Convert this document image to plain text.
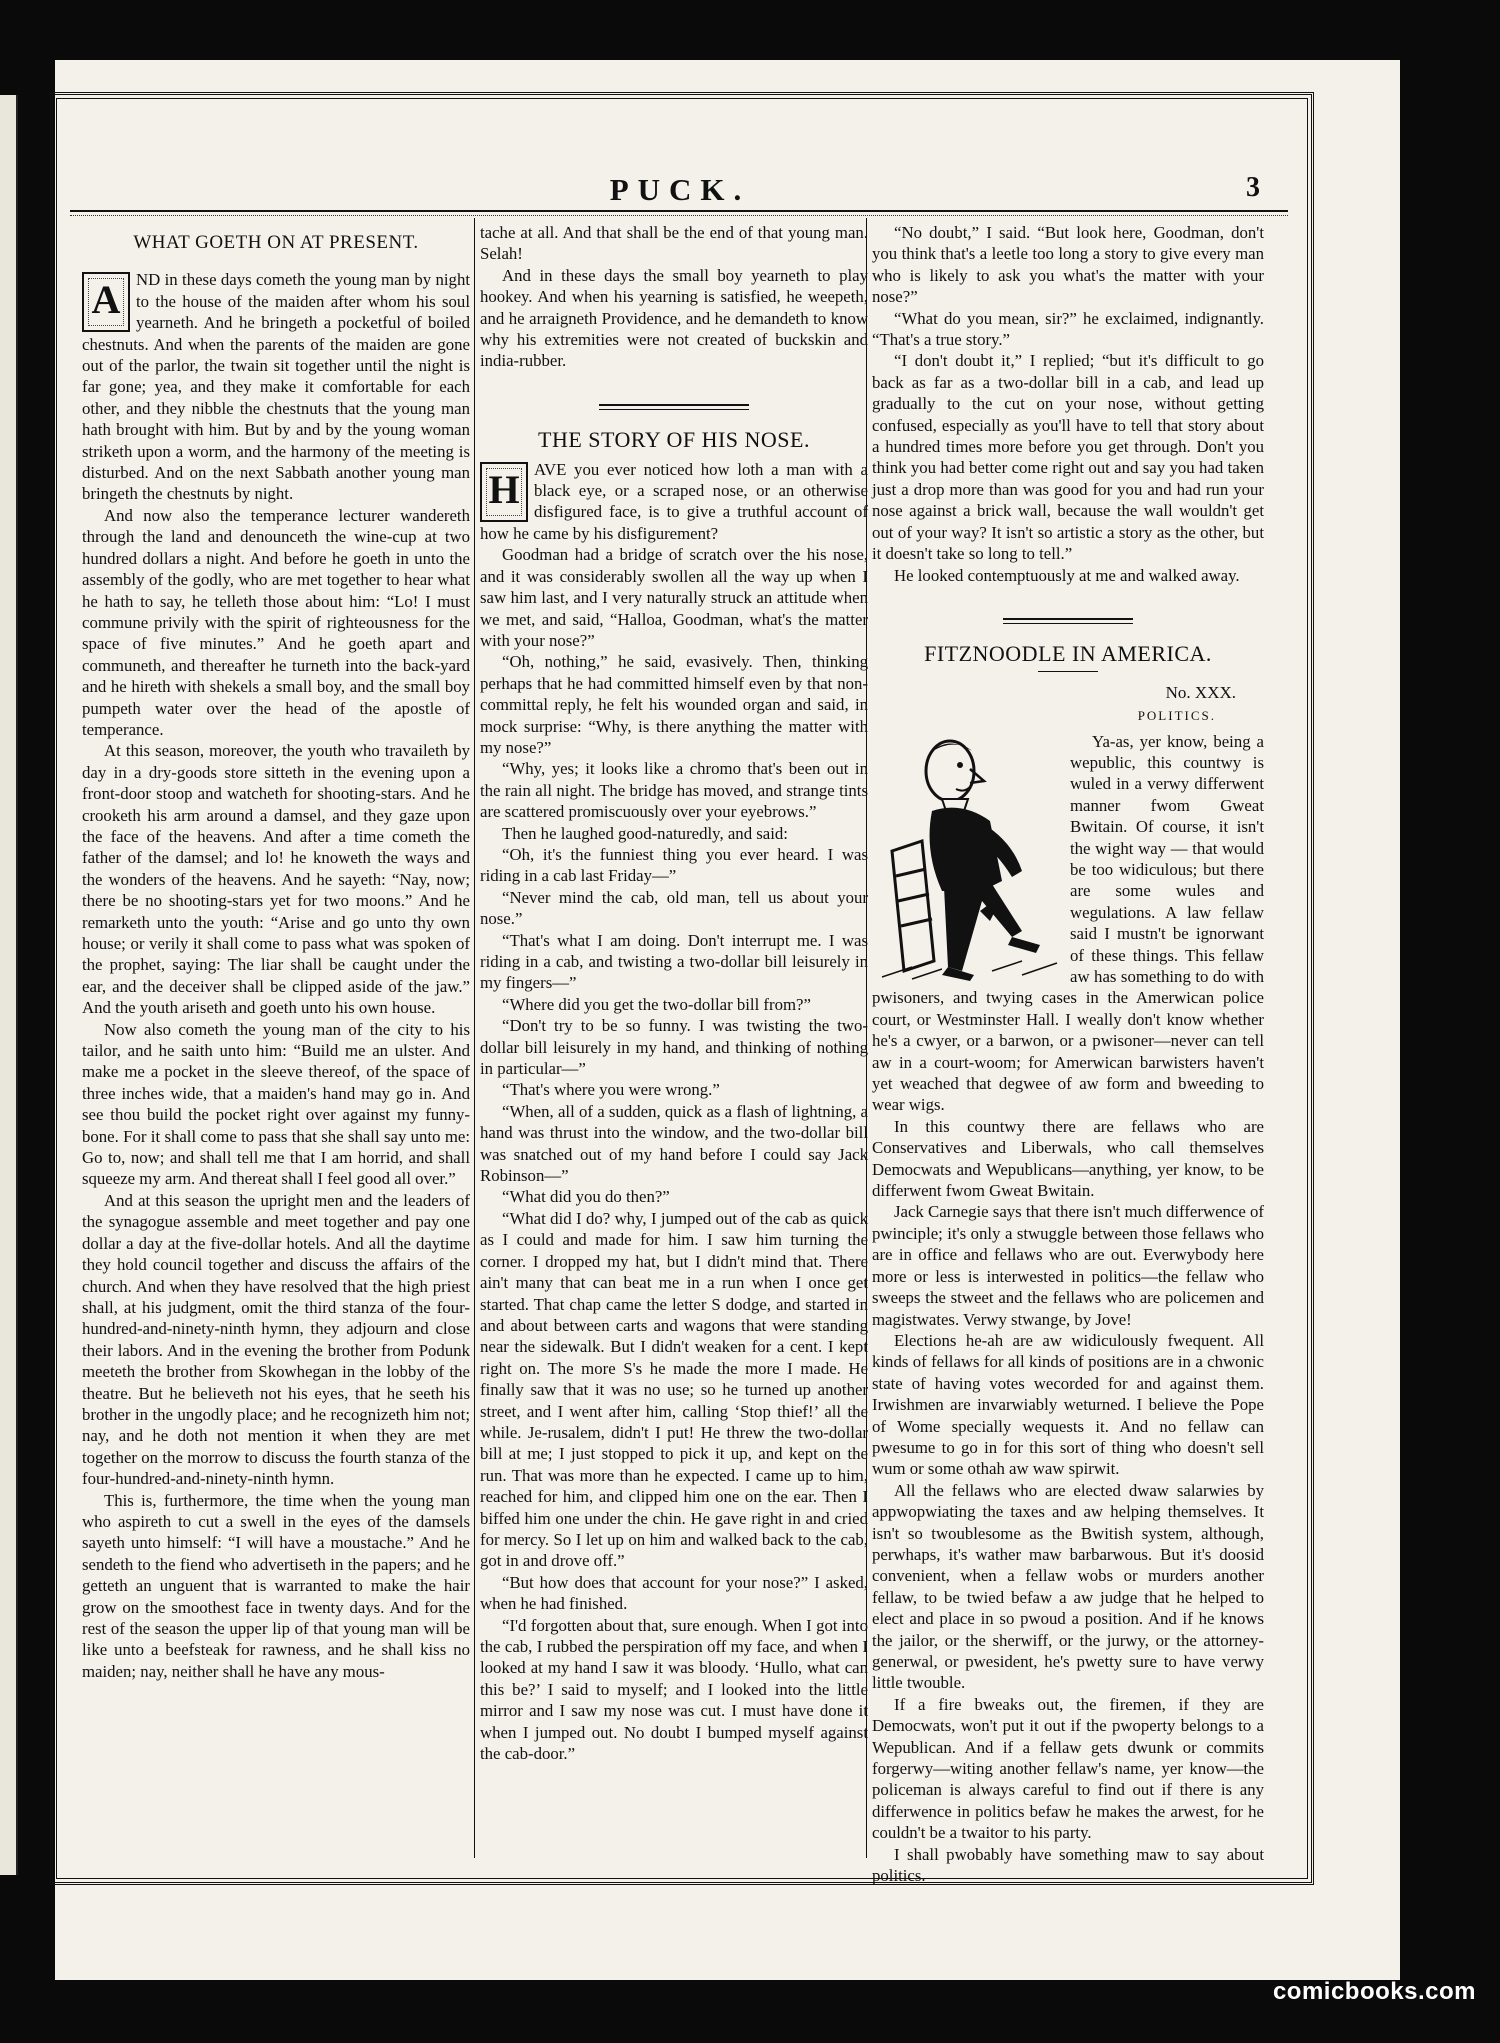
PUCK.	3
WHAT GOETH ON AT PRESENT.

A ND in these days cometh the young man by night to the house of the maiden after whom his soul yearneth. And he bringeth a pocketful of boiled chestnuts. And when the parents of the maiden are gone out of the parlor, the twain sit together until the night is far gone; yea, and they make it comfortable for each other, and they nibble the chestnuts that the young man hath brought with him. But by and by the young woman striketh upon a worm, and the harmony of the meeting is disturbed. And on the next Sabbath another young man bringeth the chestnuts by night.

And now also the temperance lecturer wandereth through the land and denounceth the wine-cup at two hundred dollars a night. And before he goeth in unto the assembly of the godly, who are met together to hear what he hath to say, he telleth those about him: “Lo! I must commune privily with the spirit of righteousness for the space of five minutes.” And he goeth apart and communeth, and thereafter he turneth into the back-yard and he hireth with shekels a small boy, and the small boy pumpeth water over the head of the apostle of temperance.

At this season, moreover, the youth who travaileth by day in a dry-goods store sitteth in the evening upon a front-door stoop and watcheth for shooting-stars. And he crooketh his arm around a damsel, and they gaze upon the face of the heavens. And after a time cometh the father of the damsel; and lo! he knoweth the ways and the wonders of the heavens. And he sayeth: “Nay, now; there be no shooting-stars yet for two moons.” And he remarketh unto the youth: “Arise and go unto thy own house; or verily it shall come to pass what was spoken of the prophet, saying: The liar shall be caught under the ear, and the deceiver shall be clipped aside of the jaw.” And the youth ariseth and goeth unto his own house.

Now also cometh the young man of the city to his tailor, and he saith unto him: “Build me an ulster. And make me a pocket in the sleeve thereof, of the space of three inches wide, that a maiden's hand may go in. And see thou build the pocket right over against my funny-bone. For it shall come to pass that she shall say unto me: Go to, now; and shall tell me that I am horrid, and shall squeeze my arm. And thereat shall I feel good all over.”

And at this season the upright men and the leaders of the synagogue assemble and meet together and pay one dollar a day at the five-dollar hotels. And all the daytime they hold council together and discuss the affairs of the church. And when they have resolved that the high priest shall, at his judgment, omit the third stanza of the four-hundred-and-ninety-ninth hymn, they adjourn and close their labors. And in the evening the brother from Podunk meeteth the brother from Skowhegan in the lobby of the theatre. But he believeth not his eyes, that he seeth his brother in the ungodly place; and he recognizeth him not; nay, and he doth not mention it when they are met together on the morrow to discuss the fourth stanza of the four-hundred-and-ninety-ninth hymn.

This is, furthermore, the time when the young man who aspireth to cut a swell in the eyes of the damsels sayeth unto himself: “I will have a moustache.” And he sendeth to the fiend who advertiseth in the papers; and he getteth an unguent that is warranted to make the hair grow on the smoothest face in twenty days. And for the rest of the season the upper lip of that young man will be like unto a beefsteak for rawness, and he shall kiss no maiden; nay, neither shall he have any mous-

tache at all. And that shall be the end of that young man. Selah!

And in these days the small boy yearneth to play hookey. And when his yearning is satisfied, he weepeth, and he arraigneth Providence, and he demandeth to know why his extremities were not created of buckskin and india-rubber.

THE STORY OF HIS NOSE.

H AVE you ever noticed how loth a man with a black eye, or a scraped nose, or an otherwise disfigured face, is to give a truthful account of how he came by his disfigurement?

Goodman had a bridge of scratch over the his nose, and it was considerably swollen all the way up when I saw him last, and I very naturally struck an attitude when we met, and said, “Halloa, Goodman, what's the matter with your nose?”

“Oh, nothing,” he said, evasively. Then, thinking perhaps that he had committed himself even by that non-committal reply, he felt his wounded organ and said, in mock surprise: “Why, is there anything the matter with my nose?”

“Why, yes; it looks like a chromo that's been out in the rain all night. The bridge has moved, and strange tints are scattered promiscuously over your eyebrows.”

Then he laughed good-naturedly, and said:

“Oh, it's the funniest thing you ever heard. I was riding in a cab last Friday—”

“Never mind the cab, old man, tell us about your nose.”

“That's what I am doing. Don't interrupt me. I was riding in a cab, and twisting a two-dollar bill leisurely in my fingers—”

“Where did you get the two-dollar bill from?”

“Don't try to be so funny. I was twisting the two-dollar bill leisurely in my hand, and thinking of nothing in particular—”

“That's where you were wrong.”

“When, all of a sudden, quick as a flash of lightning, a hand was thrust into the window, and the two-dollar bill was snatched out of my hand before I could say Jack Robinson—”

“What did you do then?”

“What did I do? why, I jumped out of the cab as quick as I could and made for him. I saw him turning the corner. I dropped my hat, but I didn't mind that. There ain't many that can beat me in a run when I once get started. That chap came the letter S dodge, and started in and about between carts and wagons that were standing near the sidewalk. But I didn't weaken for a cent. I kept right on. The more S's he made the more I made. He finally saw that it was no use; so he turned up another street, and I went after him, calling ‘Stop thief!’ all the while. Je-rusalem, didn't I put! He threw the two-dollar bill at me; I just stopped to pick it up, and kept on the run. That was more than he expected. I came up to him, reached for him, and clipped him one on the ear. Then I biffed him one under the chin. He gave right in and cried for mercy. So I let up on him and walked back to the cab, got in and drove off.”

“But how does that account for your nose?” I asked, when he had finished.

“I'd forgotten about that, sure enough. When I got into the cab, I rubbed the perspiration off my face, and when I looked at my hand I saw it was bloody. ‘Hullo, what can this be?’ I said to myself; and I looked into the little mirror and I saw my nose was cut. I must have done it when I jumped out. No doubt I bumped myself against the cab-door.”

“No doubt,” I said. “But look here, Goodman, don't you think that's a leetle too long a story to give every man who is likely to ask you what's the matter with your nose?”

“What do you mean, sir?” he exclaimed, indignantly. “That's a true story.”

“I don't doubt it,” I replied; “but it's difficult to go back as far as a two-dollar bill in a cab, and lead up gradually to the cut on your nose, without getting confused, especially as you'll have to tell that story about a hundred times more before you get through. Don't you think you had better come right out and say you had taken just a drop more than was good for you and had run your nose against a brick wall, because the wall wouldn't get out of your way? It isn't so artistic a story as the other, but it doesn't take so long to tell.”

He looked contemptuously at me and walked away.

FITZNOODLE IN AMERICA.
No. XXX.
POLITICS.

Ya-as, yer know, being a wepublic, this countwy is wuled in a verwy differwent manner fwom Gweat Bwitain. Of course, it isn't the wight way — that would be too widiculous; but there are some wules and wegulations. A law fellaw said I mustn't be ignorwant of these things. This fellaw aw has something to do with pwisoners, and twying cases in the Amerwican police court, or Westminster Hall. I weally don't know whether he's a cwyer, or a barwon, or a pwisoner—never can tell aw in a court-woom; for Amerwican barwisters haven't yet weached that degwee of aw form and bweeding to wear wigs.

In this countwy there are fellaws who are Conservatives and Liberwals, who call themselves Democwats and Wepublicans—anything, yer know, to be differwent fwom Gweat Bwitain.

Jack Carnegie says that there isn't much differwence of pwinciple; it's only a stwuggle between those fellaws who are in office and fellaws who are out. Everwybody here more or less is interwested in politics—the fellaw who sweeps the stweet and the fellaws who are policemen and magistwates. Verwy stwange, by Jove!

Elections he-ah are aw widiculously fwequent. All kinds of fellaws for all kinds of positions are in a chwonic state of having votes wecorded for and against them. Irwishmen are invarwiably weturned. I believe the Pope of Wome specially wequests it. And no fellaw can pwesume to go in for this sort of thing who doesn't sell wum or some othah aw waw spirwit.

All the fellaws who are elected dwaw salarwies by appwopwiating the taxes and aw helping themselves. It isn't so twoublesome as the Bwitish system, although, perwhaps, it's wather maw barbarwous. But it's doosid convenient, when a fellaw wobs or murders another fellaw, to be twied befaw a aw judge that he helped to elect and place in so pwoud a position. And if he knows the jailor, or the sherwiff, or the jurwy, or the attorney-generwal, or pwesident, he's pwetty sure to have verwy little twouble.

If a fire bweaks out, the firemen, if they are Democwats, won't put it out if the pwoperty belongs to a Wepublican. And if a fellaw gets dwunk or commits forgerwy—witing another fellaw's name, yer know—the policeman is always careful to find out if there is any differwence in politics befaw he makes the arwest, for he couldn't be a twaitor to his party.

I shall pwobably have something maw to say about politics.

comicbooks.com
